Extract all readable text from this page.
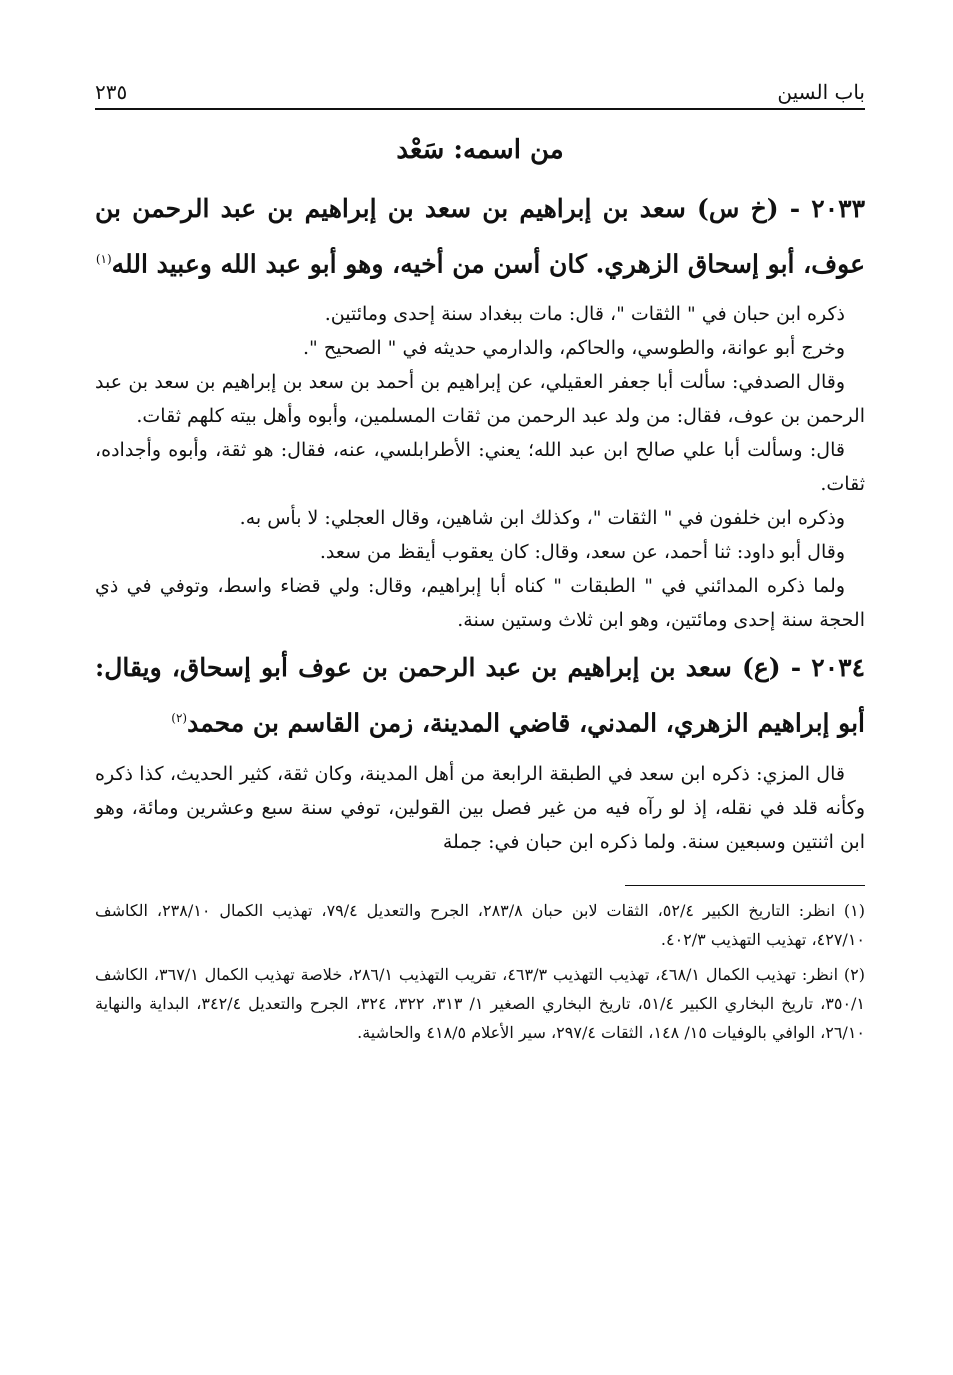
باب السين
٢٣٥
من اسمه: سَعْد
٢٠٣٣ - (خ س) سعد بن إبراهيم بن سعد بن إبراهيم بن عبد الرحمن بن عوف، أبو إسحاق الزهري. كان أسن من أخيه، وهو أبو عبد الله وعبيد الله$^{(١)}$
ذكره ابن حبان في " الثقات "، قال: مات ببغداد سنة إحدى ومائتين.
وخرج أبو عوانة، والطوسي، والحاكم، والدارمي حديثه في " الصحيح ".
وقال الصدفي: سألت أبا جعفر العقيلي، عن إبراهيم بن أحمد بن سعد بن إبراهيم بن سعد بن عبد الرحمن بن عوف، فقال: من ولد عبد الرحمن من ثقات المسلمين، وأبوه وأهل بيته كلهم ثقات.
قال: وسألت أبا علي صالح ابن عبد الله؛ يعني: الأطرابلسي، عنه، فقال: هو ثقة، وأبوه وأجداده، ثقات.
وذكره ابن خلفون في " الثقات "، وكذلك ابن شاهين، وقال العجلي: لا بأس به.
وقال أبو داود: ثنا أحمد، عن سعد، وقال: كان يعقوب أيقظ من سعد.
ولما ذكره المدائني في " الطبقات " كناه أبا إبراهيم، وقال: ولي قضاء واسط، وتوفي في ذي الحجة سنة إحدى ومائتين، وهو ابن ثلاث وستين سنة.
٢٠٣٤ - (ع) سعد بن إبراهيم بن عبد الرحمن بن عوف أبو إسحاق، ويقال: أبو إبراهيم الزهري، المدني، قاضي المدينة، زمن القاسم بن محمد$^{(٢)}$
قال المزي: ذكره ابن سعد في الطبقة الرابعة من أهل المدينة، وكان ثقة، كثير الحديث، كذا ذكره وكأنه قلد في نقله، إذ لو رآه فيه من غير فصل بين القولين، توفي سنة سبع وعشرين ومائة، وهو ابن اثنتين وسبعين سنة. ولما ذكره ابن حبان في: جملة
(١) انظر: التاريخ الكبير ٥٢/٤، الثقات لابن حبان ٢٨٣/٨، الجرح والتعديل ٧٩/٤، تهذيب الكمال ٢٣٨/١٠، الكاشف ٤٢٧/١٠، تهذيب التهذيب ٤٠٢/٣.
(٢) انظر: تهذيب الكمال ٤٦٨/١، تهذيب التهذيب ٤٦٣/٣، تقريب التهذيب ٢٨٦/١، خلاصة تهذيب الكمال ٣٦٧/١، الكاشف ٣٥٠/١، تاريخ البخاري الكبير ٥١/٤، تاريخ البخاري الصغير ١/ ٣١٣، ٣٢٢، ٣٢٤، الجرح والتعديل ٣٤٢/٤، البداية والنهاية ٢٦/١٠، الوافي بالوفيات ١٥/ ١٤٨، الثقات ٢٩٧/٤، سير الأعلام ٤١٨/٥ والحاشية.
